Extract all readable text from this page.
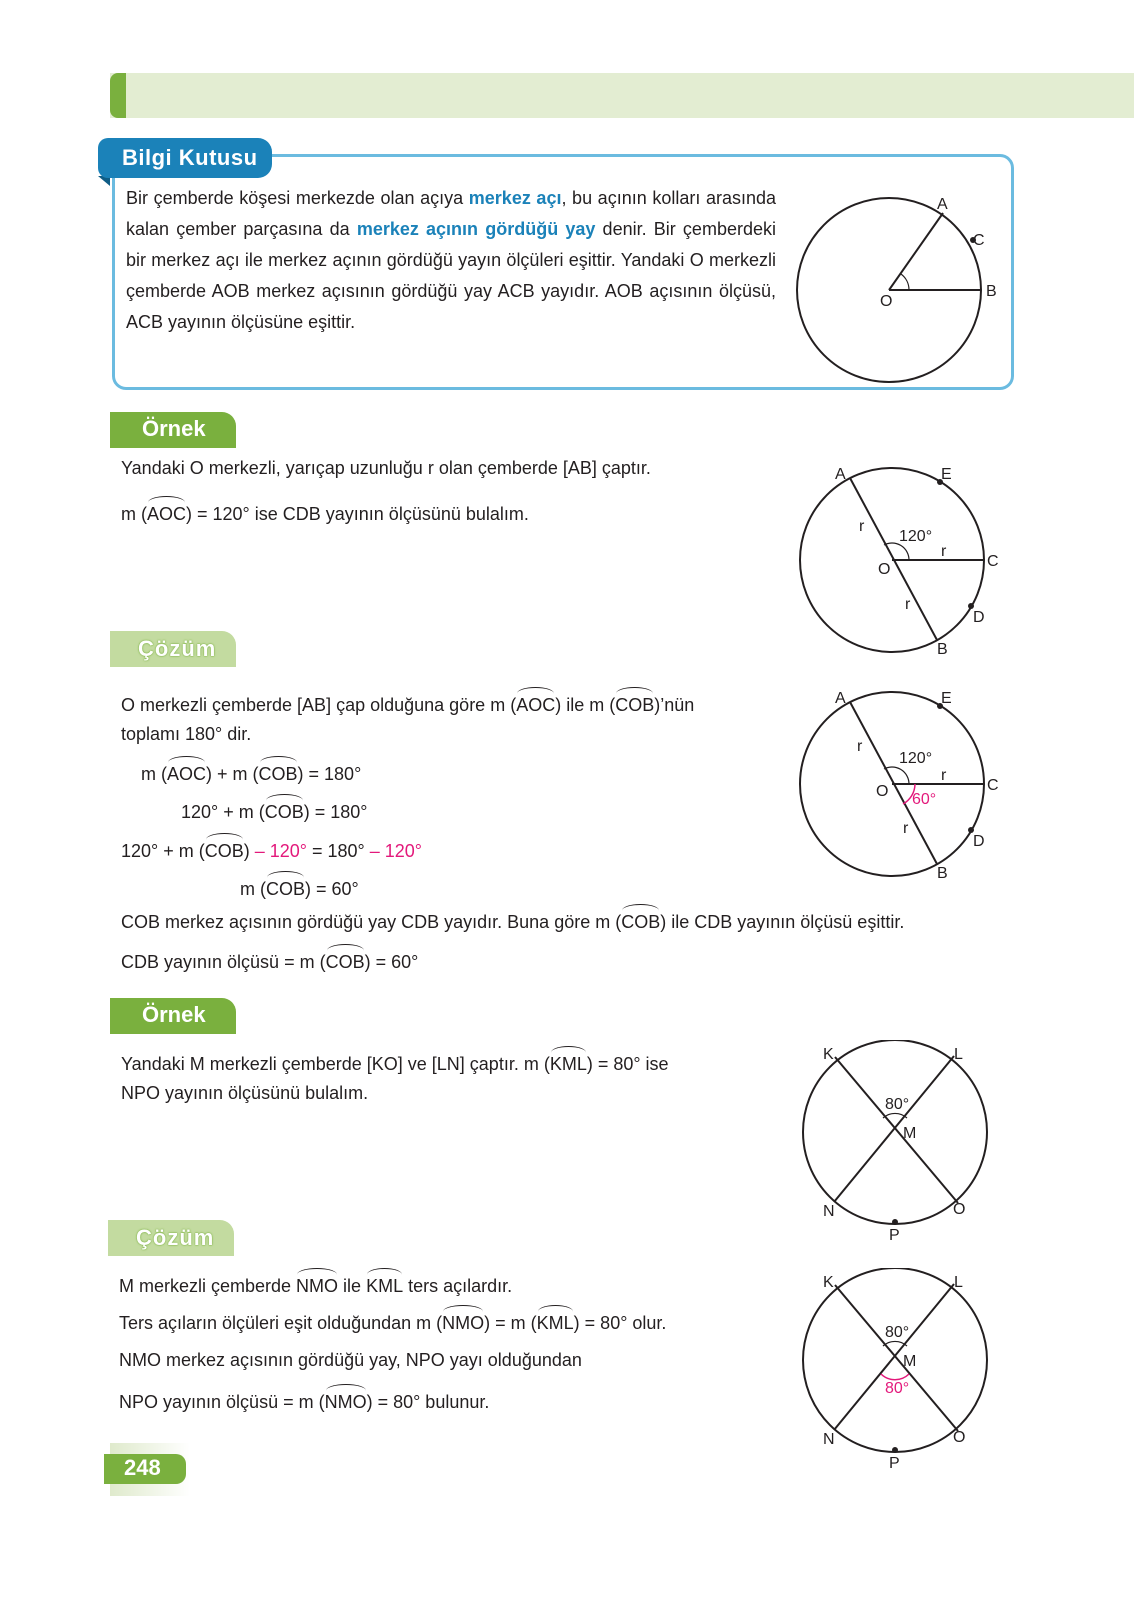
Bilgi Kutusu
Bir çemberde köşesi merkezde olan açıya merkez açı, bu açının kolları arasında kalan çember parçasına da merkez açının gördüğü yay denir. Bir çemberdeki bir merkez açı ile merkez açının gördüğü yayın ölçüleri eşittir. Yandaki O merkezli çemberde AOB merkez açısının gördüğü yay ACB yayıdır. AOB açısının ölçüsü, ACB yayının ölçüsüne eşittir.
A
C
B
O
Örnek
Yandaki O merkezli, yarıçap uzunluğu r olan çemberde [AB] çaptır.
m (AOC) = 120° ise CDB yayının ölçüsünü bulalım.
A	E
C
D
B
O
r
r
r
120°
Çözüm
O merkezli çemberde [AB] çap olduğuna göre m (AOC) ile m (COB)’nün
toplamı 180° dir.
m (AOC) + m (COB) = 180°
120° + m (COB) = 180°
120° + m (COB) – 120° = 180° – 120°
m (COB) = 60°
COB merkez açısının gördüğü yay CDB yayıdır. Buna göre m (COB) ile CDB yayının ölçüsü eşittir.
CDB yayının ölçüsü = m (COB) = 60°
A	E
C
D
B
O
r
r
r
120°
60°
Örnek
Yandaki M merkezli çemberde [KO] ve [LN] çaptır. m (KML) = 80° ise
NPO yayının ölçüsünü bulalım.
K	L
M
N	O
P
80°
Çözüm
M merkezli çemberde NMO ile KML ters açılardır.
Ters açıların ölçüleri eşit olduğundan m (NMO) = m (KML) = 80° olur.
NMO merkez açısının gördüğü yay, NPO yayı olduğundan
NPO yayının ölçüsü = m (NMO) = 80° bulunur.
K	L
M
N	O
P
80°
80°
248
